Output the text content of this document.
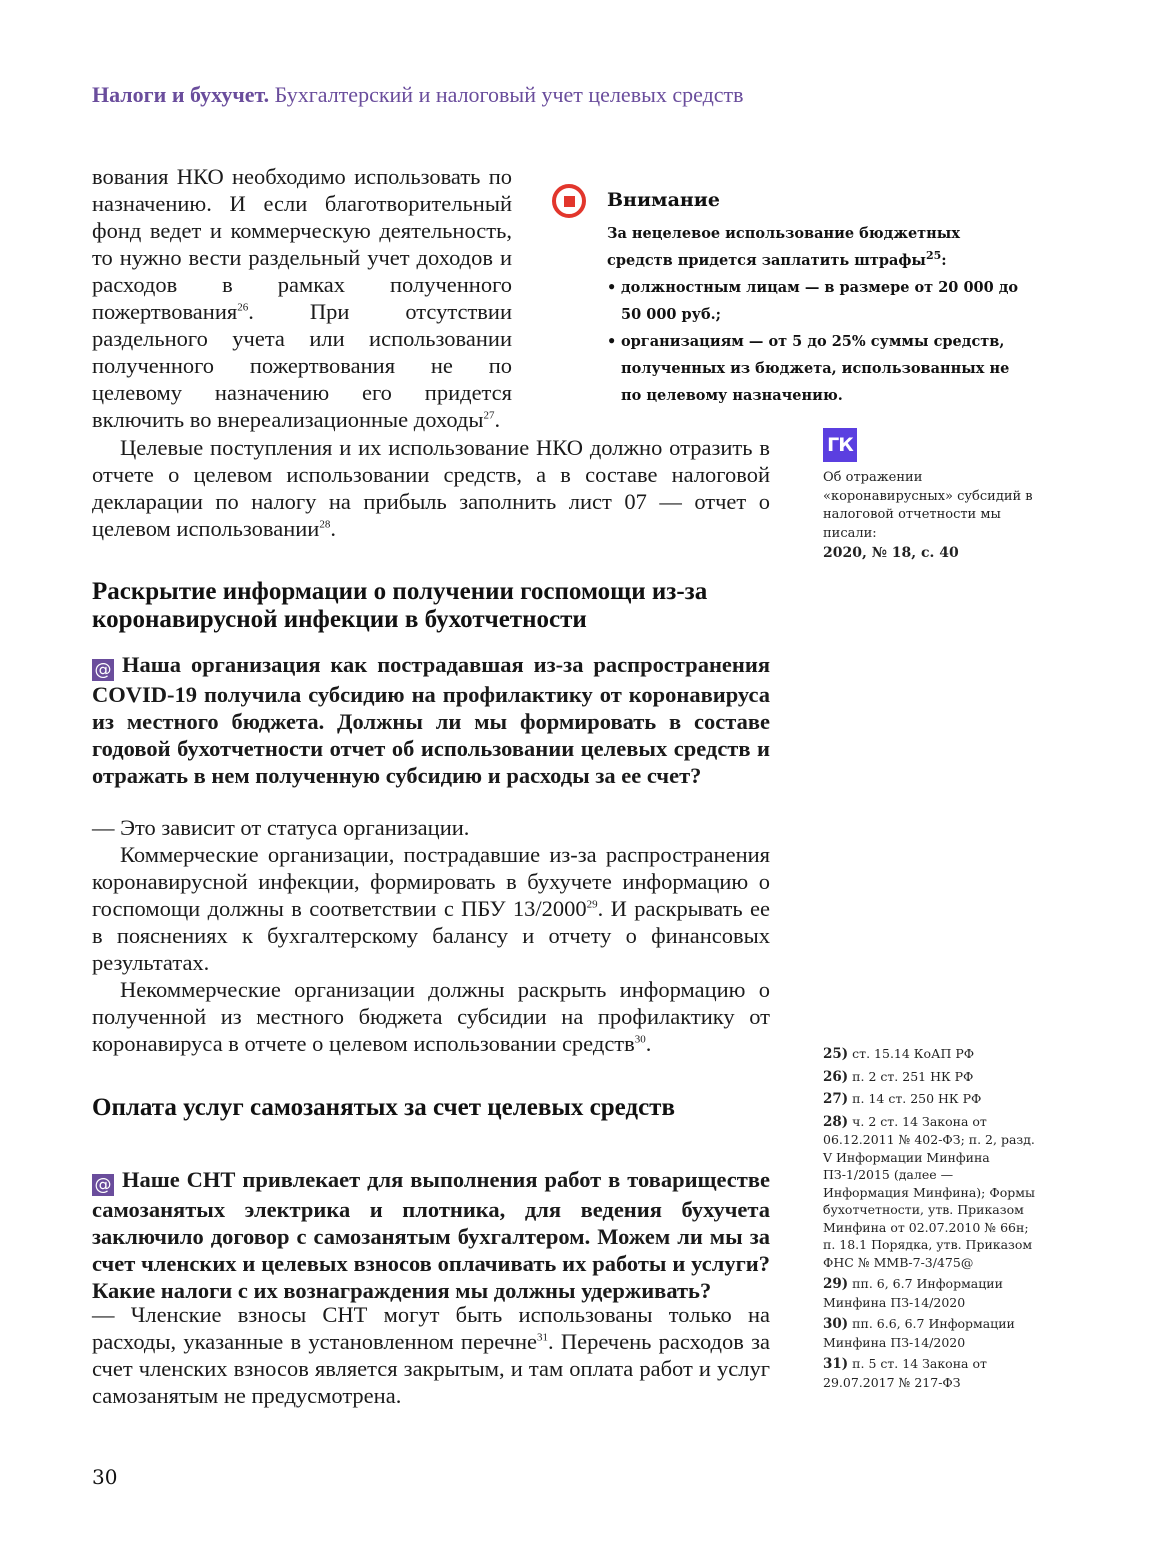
Налоги и бухучет. Бухгалтерский и налоговый учет целевых средств
вования НКО необходимо использовать по назначению. И если благотворительный фонд ведет и коммерческую деятельность, то нужно вести раздельный учет доходов и расходов в рамках полученного пожертвования$^{26}$. При отсутствии раздельного учета или использовании полученного пожертвования не по целевому назначению его придется включить во внереализационные доходы$^{27}$.
Внимание
За нецелевое использование бюджетных средств придется заплатить штрафы$^{25}$:
• должностным лицам — в размере от 20 000 до 50 000 руб.;
• организациям — от 5 до 25% суммы средств, полученных из бюджета, использованных не по целевому назначению.
Целевые поступления и их использование НКО должно отразить в отчете о целевом использовании средств, а в составе налоговой декларации по налогу на прибыль заполнить лист 07 — отчет о целевом использовании$^{28}$.
ГК
Об отражении «коронавирусных» субсидий в налоговой отчетности мы писали:
2020, № 18, с. 40
Раскрытие информации о получении госпомощи из-за коронавирусной инфекции в бухотчетности
@ Наша организация как пострадавшая из-за распространения COVID-19 получила субсидию на профилактику от коронавируса из местного бюджета. Должны ли мы формировать в составе годовой бухотчетности отчет об использовании целевых средств и отражать в нем полученную субсидию и расходы за ее счет?
— Это зависит от статуса организации.
Коммерческие организации, пострадавшие из-за распространения коронавирусной инфекции, формировать в бухучете информацию о госпомощи должны в соответствии с ПБУ 13/2000$^{29}$. И раскрывать ее в пояснениях к бухгалтерскому балансу и отчету о финансовых результатах.
Некоммерческие организации должны раскрыть информацию о полученной из местного бюджета субсидии на профилактику от коронавируса в отчете о целевом использовании средств$^{30}$.
Оплата услуг самозанятых за счет целевых средств
@ Наше СНТ привлекает для выполнения работ в товариществе самозанятых электрика и плотника, для ведения бухучета заключило договор с самозанятым бухгалтером. Можем ли мы за счет членских и целевых взносов оплачивать их работы и услуги? Какие налоги с их вознаграждения мы должны удерживать?
— Членские взносы СНТ могут быть использованы только на расходы, указанные в установленном перечне$^{31}$. Перечень расходов за счет членских взносов является закрытым, и там оплата работ и услуг самозанятым не предусмотрена.
25) ст. 15.14 КоАП РФ
26) п. 2 ст. 251 НК РФ
27) п. 14 ст. 250 НК РФ
28) ч. 2 ст. 14 Закона от 06.12.2011 № 402-ФЗ; п. 2, разд. V Информации Минфина ПЗ-1/2015 (далее — Информация Минфина); Формы бухотчетности, утв. Приказом Минфина от 02.07.2010 № 66н; п. 18.1 Порядка, утв. Приказом ФНС № ММВ-7-3/475@
29) пп. 6, 6.7 Информации Минфина ПЗ-14/2020
30) пп. 6.6, 6.7 Информации Минфина ПЗ-14/2020
31) п. 5 ст. 14 Закона от 29.07.2017 № 217-ФЗ
30
